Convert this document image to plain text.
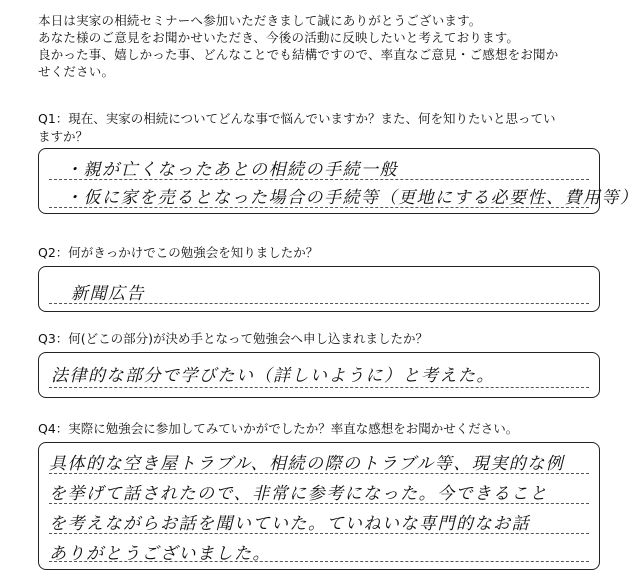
本日は実家の相続セミナーへ参加いただきまして誠にありがとうございます。
あなた様のご意見をお聞かせいただき、今後の活動に反映したいと考えております。
良かった事、嬉しかった事、どんなことでも結構ですので、率直なご意見・ご感想をお聞か
せください。
Q1：現在、実家の相続についてどんな事で悩んでいますか？また、何を知りたいと思ってい
ますか？
・親が亡くなったあとの相続の手続一般
・仮に家を売るとなった場合の手続等（更地にする必要性、費用等）
Q2：何がきっかけでこの勉強会を知りましたか？
新聞広告
Q3：何(どこの部分)が決め手となって勉強会へ申し込まれましたか？
法律的な部分で学びたい（詳しいように）と考えた。
Q4：実際に勉強会に参加してみていかがでしたか？率直な感想をお聞かせください。
具体的な空き屋トラブル、相続の際のトラブル等、現実的な例
を挙げて話されたので、非常に参考になった。今できること
を考えながらお話を聞いていた。ていねいな専門的なお話
ありがとうございました。
